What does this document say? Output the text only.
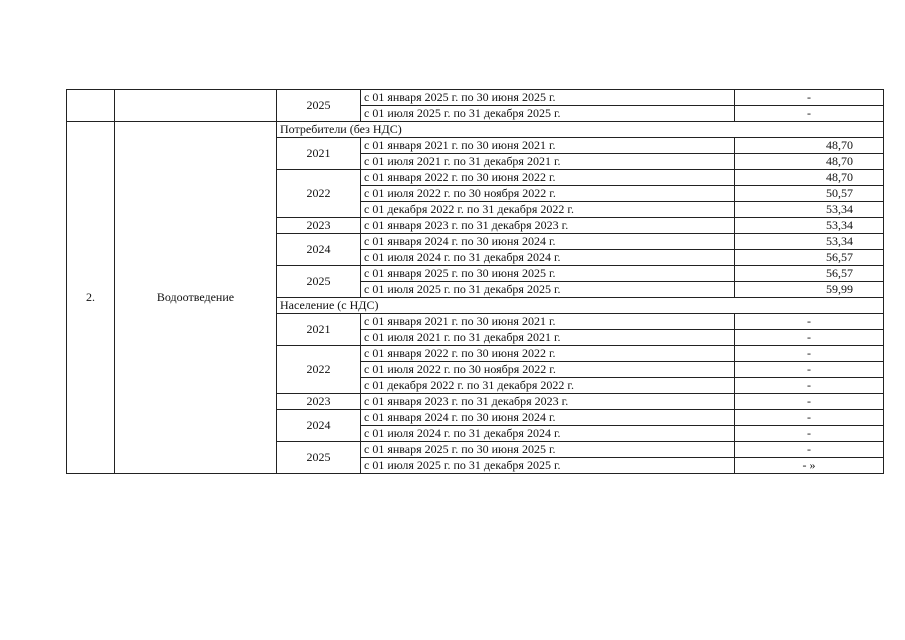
		2025	с 01 января 2025 г. по 30 июня 2025 г.	-
			с 01 июля 2025 г. по 31 декабря 2025 г.	-
2.	Водоотведение	Потребители (без НДС)		
		2021	с 01 января 2021 г. по 30 июня 2021 г.	48,70
			с 01 июля 2021 г. по 31 декабря 2021 г.	48,70
		2022	с 01 января 2022 г. по 30 июня 2022 г.	48,70
			с 01 июля 2022 г. по 30 ноября 2022 г.	50,57
			с 01 декабря 2022 г. по 31 декабря 2022 г.	53,34
		2023	с 01 января 2023 г. по 31 декабря 2023 г.	53,34
		2024	с 01 января 2024 г. по 30 июня 2024 г.	53,34
			с 01 июля 2024 г. по 31 декабря 2024 г.	56,57
		2025	с 01 января 2025 г. по 30 июня 2025 г.	56,57
			с 01 июля 2025 г. по 31 декабря 2025 г.	59,99
		Население (с НДС)		
		2021	с 01 января 2021 г. по 30 июня 2021 г.	-
			с 01 июля 2021 г. по 31 декабря 2021 г.	-
		2022	с 01 января 2022 г. по 30 июня 2022 г.	-
			с 01 июля 2022 г. по 30 ноября 2022 г.	-
			с 01 декабря 2022 г. по 31 декабря 2022 г.	-
		2023	с 01 января 2023 г. по 31 декабря 2023 г.	-
		2024	с 01 января 2024 г. по 30 июня 2024 г.	-
			с 01 июля 2024 г. по 31 декабря 2024 г.	-
		2025	с 01 января 2025 г. по 30 июня 2025 г.	-
			с 01 июля 2025 г. по 31 декабря 2025 г.	- »
